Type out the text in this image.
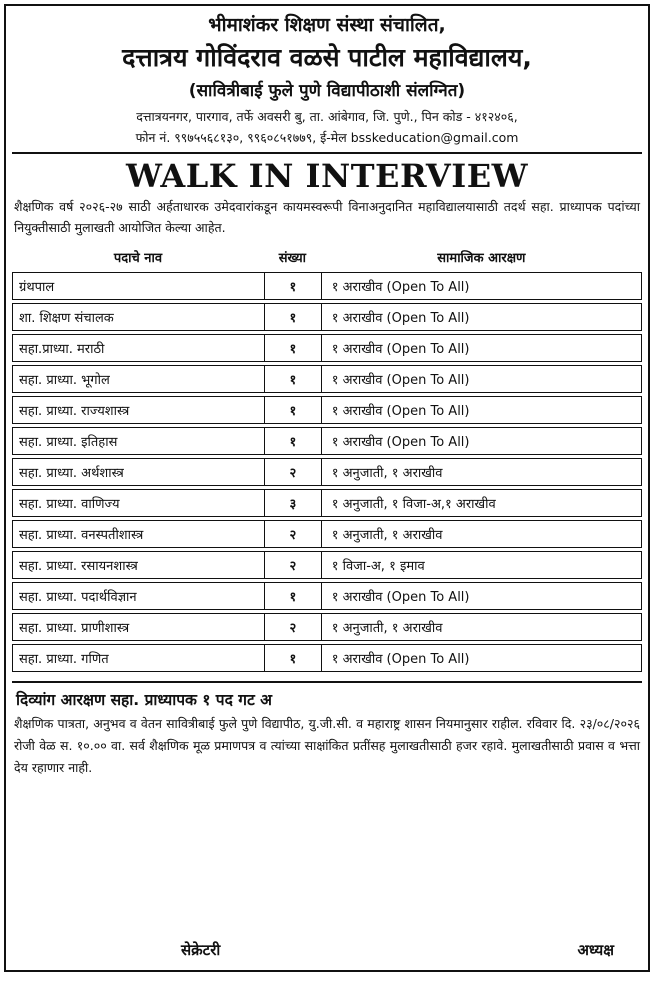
भीमाशंकर शिक्षण संस्था संचालित,
दत्तात्रय गोविंदराव वळसे पाटील महाविद्यालय,
(सावित्रीबाई फुले पुणे विद्यापीठाशी संलग्नित)
दत्तात्रयनगर, पारगाव, तर्फे अवसरी बु, ता. आंबेगाव, जि. पुणे., पिन कोड - ४१२४०६,
फोन नं. ९९७५५६८१३०, ९९६०८५१७७९, ई-मेल bsskeducation@gmail.com
WALK IN INTERVIEW
शैक्षणिक वर्ष २०२६-२७ साठी अर्हताधारक उमेदवारांकडून कायमस्वरूपी विनाअनुदानित महाविद्यालयासाठी तदर्थ सहा. प्राध्यापक पदांच्या नियुक्तीसाठी मुलाखती आयोजित केल्या आहेत.
पदाचे नाव	संख्या	सामाजिक आरक्षण
ग्रंथपाल	१	१ अराखीव (Open To All)
शा. शिक्षण संचालक	१	१ अराखीव (Open To All)
सहा.प्राध्या. मराठी	१	१ अराखीव (Open To All)
सहा. प्राध्या. भूगोल	१	१ अराखीव (Open To All)
सहा. प्राध्या. राज्यशास्त्र	१	१ अराखीव (Open To All)
सहा. प्राध्या. इतिहास	१	१ अराखीव (Open To All)
सहा. प्राध्या. अर्थशास्त्र	२	१ अनुजाती, १ अराखीव
सहा. प्राध्या. वाणिज्य	३	१ अनुजाती, १ विजा-अ,१ अराखीव
सहा. प्राध्या. वनस्पतीशास्त्र	२	१ अनुजाती, १ अराखीव
सहा. प्राध्या. रसायनशास्त्र	२	१ विजा-अ, १ इमाव
सहा. प्राध्या. पदार्थविज्ञान	१	१ अराखीव (Open To All)
सहा. प्राध्या. प्राणीशास्त्र	२	१ अनुजाती, १ अराखीव
सहा. प्राध्या. गणित	१	१ अराखीव (Open To All)
दिव्यांग आरक्षण सहा. प्राध्यापक १ पद गट अ
शैक्षणिक पात्रता, अनुभव व वेतन सावित्रीबाई फुले पुणे विद्यापीठ, यु.जी.सी. व महाराष्ट्र शासन नियमानुसार राहील. रविवार दि. २३/०८/२०२६ रोजी वेळ स. १०.०० वा. सर्व शैक्षणिक मूळ प्रमाणपत्र व त्यांच्या साक्षांकित प्रतींसह मुलाखतीसाठी हजर रहावे. मुलाखतीसाठी प्रवास व भत्ता देय रहाणार नाही.
सेक्रेटरी	अध्यक्ष
